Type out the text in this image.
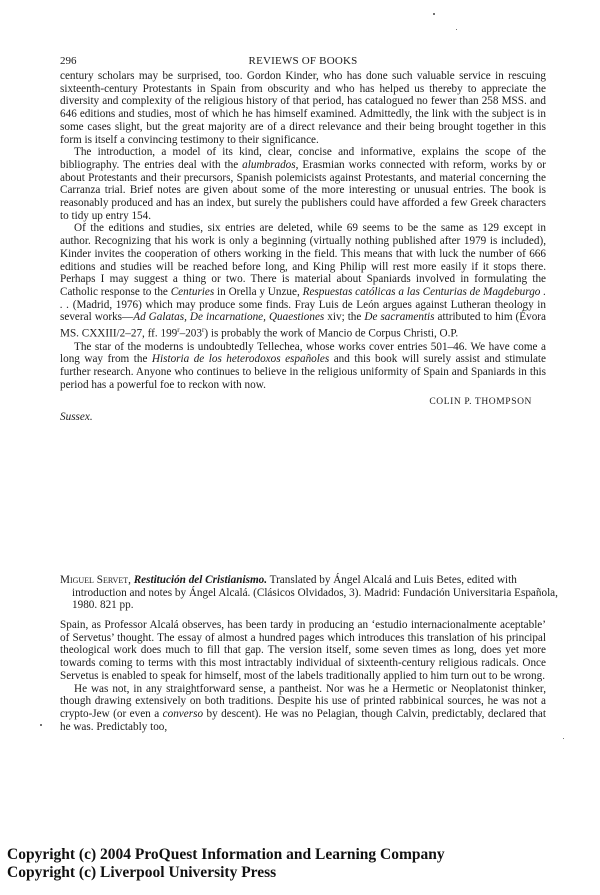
296	REVIEWS OF BOOKS

century scholars may be surprised, too. Gordon Kinder, who has done such valuable service in rescuing sixteenth-century Protestants in Spain from obscurity and who has helped us thereby to appreciate the diversity and complexity of the religious history of that period, has catalogued no fewer than 258 MSS. and 646 editions and studies, most of which he has himself examined. Admittedly, the link with the subject is in some cases slight, but the great majority are of a direct relevance and their being brought together in this form is itself a convincing testimony to their significance.

The introduction, a model of its kind, clear, concise and informative, explains the scope of the bibliography. The entries deal with the alumbrados, Erasmian works connected with reform, works by or about Protestants and their precursors, Spanish polemicists against Protestants, and material concerning the Carranza trial. Brief notes are given about some of the more interesting or unusual entries. The book is reasonably produced and has an index, but surely the publishers could have afforded a few Greek characters to tidy up entry 154.

Of the editions and studies, six entries are deleted, while 69 seems to be the same as 129 except in author. Recognizing that his work is only a beginning (virtually nothing published after 1979 is included), Kinder invites the cooperation of others working in the field. This means that with luck the number of 666 editions and studies will be reached before long, and King Philip will rest more easily if it stops there. Perhaps I may suggest a thing or two. There is material about Spaniards involved in formulating the Catholic response to the Centuries in Orella y Unzue, Respuestas católicas a las Centurias de Magdeburgo . . . (Madrid, 1976) which may produce some finds. Fray Luis de León argues against Lutheran theology in several works—Ad Galatas, De incarnatione, Quaestiones xiv; the De sacramentis attributed to him (Évora MS. CXXIII/2–27, ff. 199$^r$–203$^r$) is probably the work of Mancio de Corpus Christi, O.P.

The star of the moderns is undoubtedly Tellechea, whose works cover entries 501–46. We have come a long way from the Historia de los heterodoxos españoles and this book will surely assist and stimulate further research. Anyone who continues to believe in the religious uniformity of Spain and Spaniards in this period has a powerful foe to reckon with now.

COLIN P. THOMPSON
Sussex.
Miguel Servet, Restitución del Cristianismo. Translated by Ángel Alcalá and Luis Betes, edited with introduction and notes by Ángel Alcalá. (Clásicos Olvidados, 3). Madrid: Fundación Universitaria Española, 1980. 821 pp.

Spain, as Professor Alcalá observes, has been tardy in producing an ‘estudio internacionalmente aceptable’ of Servetus’ thought. The essay of almost a hundred pages which introduces this translation of his principal theological work does much to fill that gap. The version itself, some seven times as long, does yet more towards coming to terms with this most intractably individual of sixteenth-century religious radicals. Once Servetus is enabled to speak for himself, most of the labels traditionally applied to him turn out to be wrong.

He was not, in any straightforward sense, a pantheist. Nor was he a Hermetic or Neoplatonist thinker, though drawing extensively on both traditions. Despite his use of printed rabbinical sources, he was not a crypto-Jew (or even a converso by descent). He was no Pelagian, though Calvin, predictably, declared that he was. Predictably too,

Copyright (c) 2004 ProQuest Information and Learning Company
Copyright (c) Liverpool University Press
